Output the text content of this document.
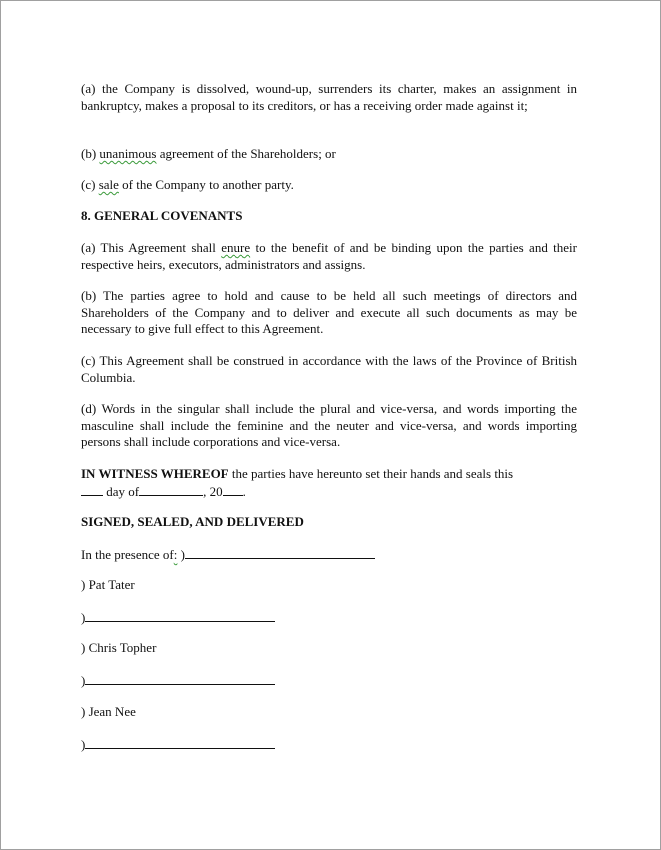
(a) the Company is dissolved, wound-up, surrenders its charter, makes an assignment in bankruptcy, makes a proposal to its creditors, or has a receiving order made against it;
(b) unanimous agreement of the Shareholders; or
(c) sale of the Company to another party.
8. GENERAL COVENANTS
(a) This Agreement shall enure to the benefit of and be binding upon the parties and their respective heirs, executors, administrators and assigns.
(b) The parties agree to hold and cause to be held all such meetings of directors and Shareholders of the Company and to deliver and execute all such documents as may be necessary to give full effect to this Agreement.
(c) This Agreement shall be construed in accordance with the laws of the Province of British Columbia.
(d) Words in the singular shall include the plural and vice-versa, and words importing the masculine shall include the feminine and the neuter and vice-versa, and words importing persons shall include corporations and vice-versa.
IN WITNESS WHEREOF the parties have hereunto set their hands and seals this
day of	, 20 .
SIGNED, SEALED, AND DELIVERED
In the presence of: )
) Pat Tater
)
) Chris Topher
)
) Jean Nee
)
